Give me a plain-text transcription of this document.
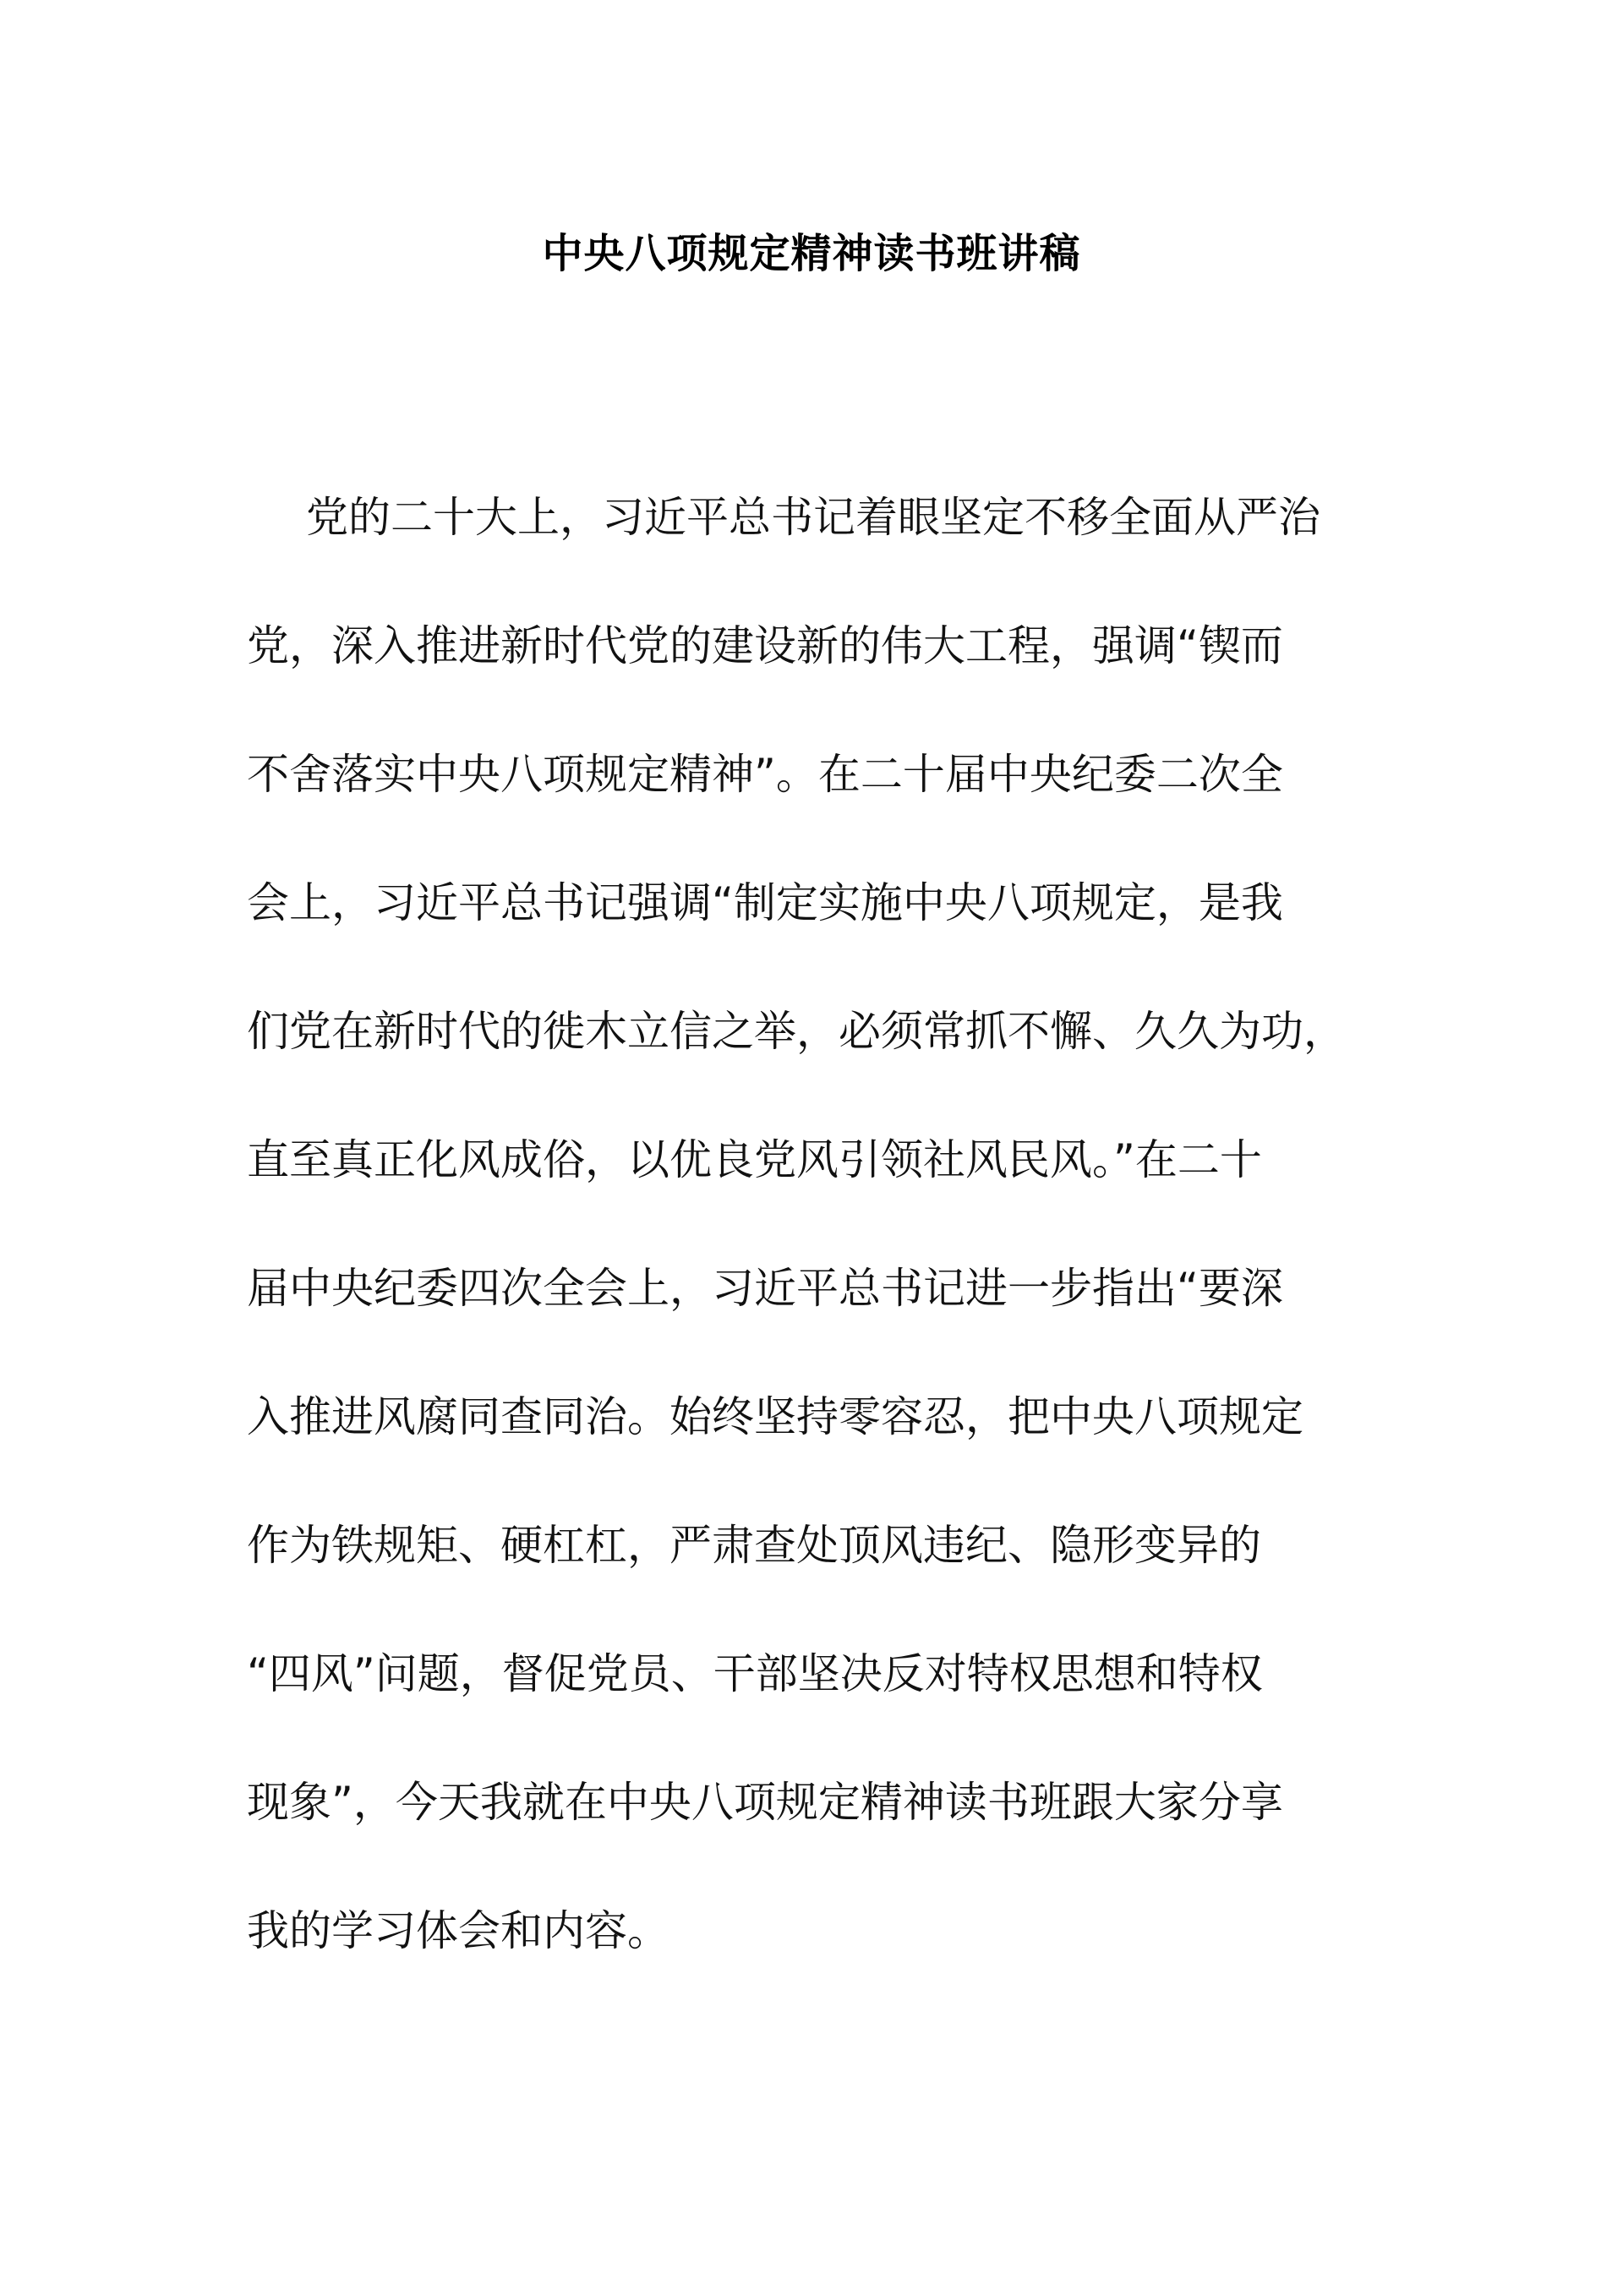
中央八项规定精神读书班讲稿
党的二十大上，习近平总书记着眼坚定不移全面从严治
党，深入推进新时代党的建设新的伟大工程，强调“锲而
不舍落实中央八项规定精神”。在二十届中央纪委二次全
会上，习近平总书记强调“制定实施中央八项规定，是我
们党在新时代的徙木立信之举，必须常抓不懈、久久为功，
直至真正化风成俗，以优良党风引领社风民风。”在二十
届中央纪委四次全会上，习近平总书记进一步指出“要深
入推进风腐同查同治。始终坚持零容忍，把中央八项规定
作为铁规矩、硬杠杠，严肃查处顶风违纪、隐形变异的
“四风”问题，督促党员、干部坚决反对特权思想和特权
现象”，今天我就在中央八项规定精神读书班跟大家分享
我的学习体会和内容。
